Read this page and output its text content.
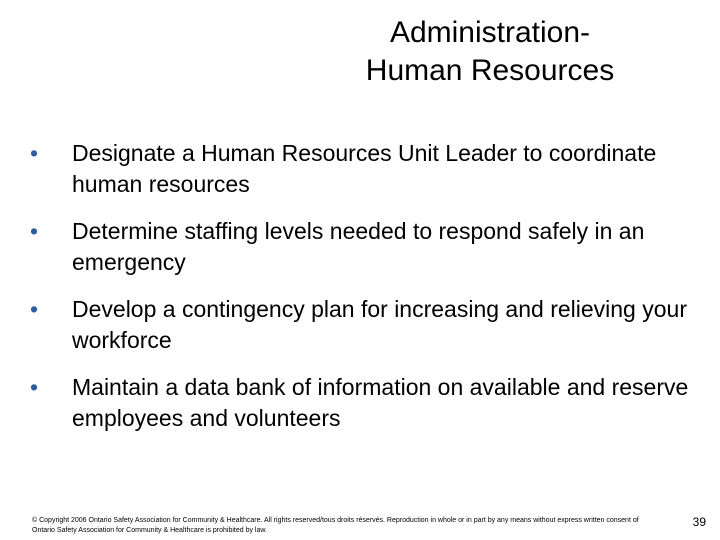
Administration-
Human Resources
•	Designate a Human Resources Unit Leader to coordinate human resources
•	Determine staffing levels needed to respond safely in an emergency
•	Develop a contingency plan for increasing and relieving your workforce
•	Maintain a data bank of information on available and reserve employees and volunteers
© Copyright 2006 Ontario Safety Association for Community & Healthcare. All rights reserved/tous droits réservés. Reproduction in whole or in part by any means without express written consent of Ontario Safety Association for Community & Healthcare is prohibited by law.
39
